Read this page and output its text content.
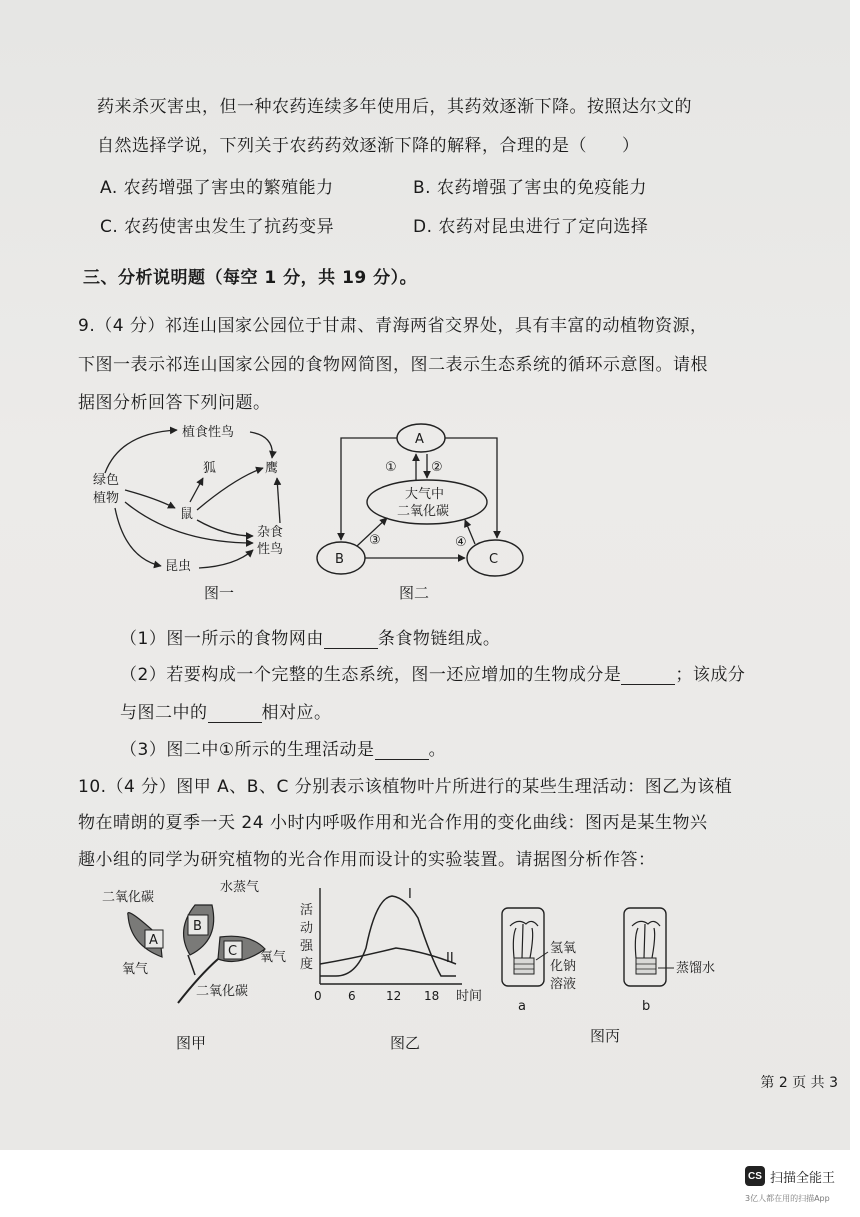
药来杀灭害虫，但一种农药连续多年使用后，其药效逐渐下降。按照达尔文的
自然选择学说，下列关于农药药效逐渐下降的解释，合理的是（　　）
A. 农药增强了害虫的繁殖能力	B. 农药增强了害虫的免疫能力
C. 农药使害虫发生了抗药变异	D. 农药对昆虫进行了定向选择
三、分析说明题（每空 1 分，共 19 分）。
9.（4 分）祁连山国家公园位于甘肃、青海两省交界处，具有丰富的动植物资源，
下图一表示祁连山国家公园的食物网简图，图二表示生态系统的循环示意图。请根
据图分析回答下列问题。
绿色
植物
植食性鸟
狐	鹰
鼠
杂食
性鸟
昆虫
图一
A
大气中
二氧化碳
B	C
①	②
③	④
图二
（1）图一所示的食物网由	条食物链组成。
（2）若要构成一个完整的生态系统，图一还应增加的生物成分是	；该成分
与图二中的	相对应。
（3）图二中①所示的生理活动是	。
10.（4 分）图甲 A、B、C 分别表示该植物叶片所进行的某些生理活动：图乙为该植
物在晴朗的夏季一天 24 小时内呼吸作用和光合作用的变化曲线：图丙是某生物兴
趣小组的同学为研究植物的光合作用而设计的实验装置。请据图分析作答：
B
A
C
二氧化碳
水蒸气
氧气
氧气
二氧化碳
图甲
活
动
强
度
I
II
0 6	12 18 时间
图乙
a
氢氧
化钠
溶液
b
蒸馏水
图丙
第 2 页 共 3
CS 扫描全能王
3亿人都在用的扫描App
